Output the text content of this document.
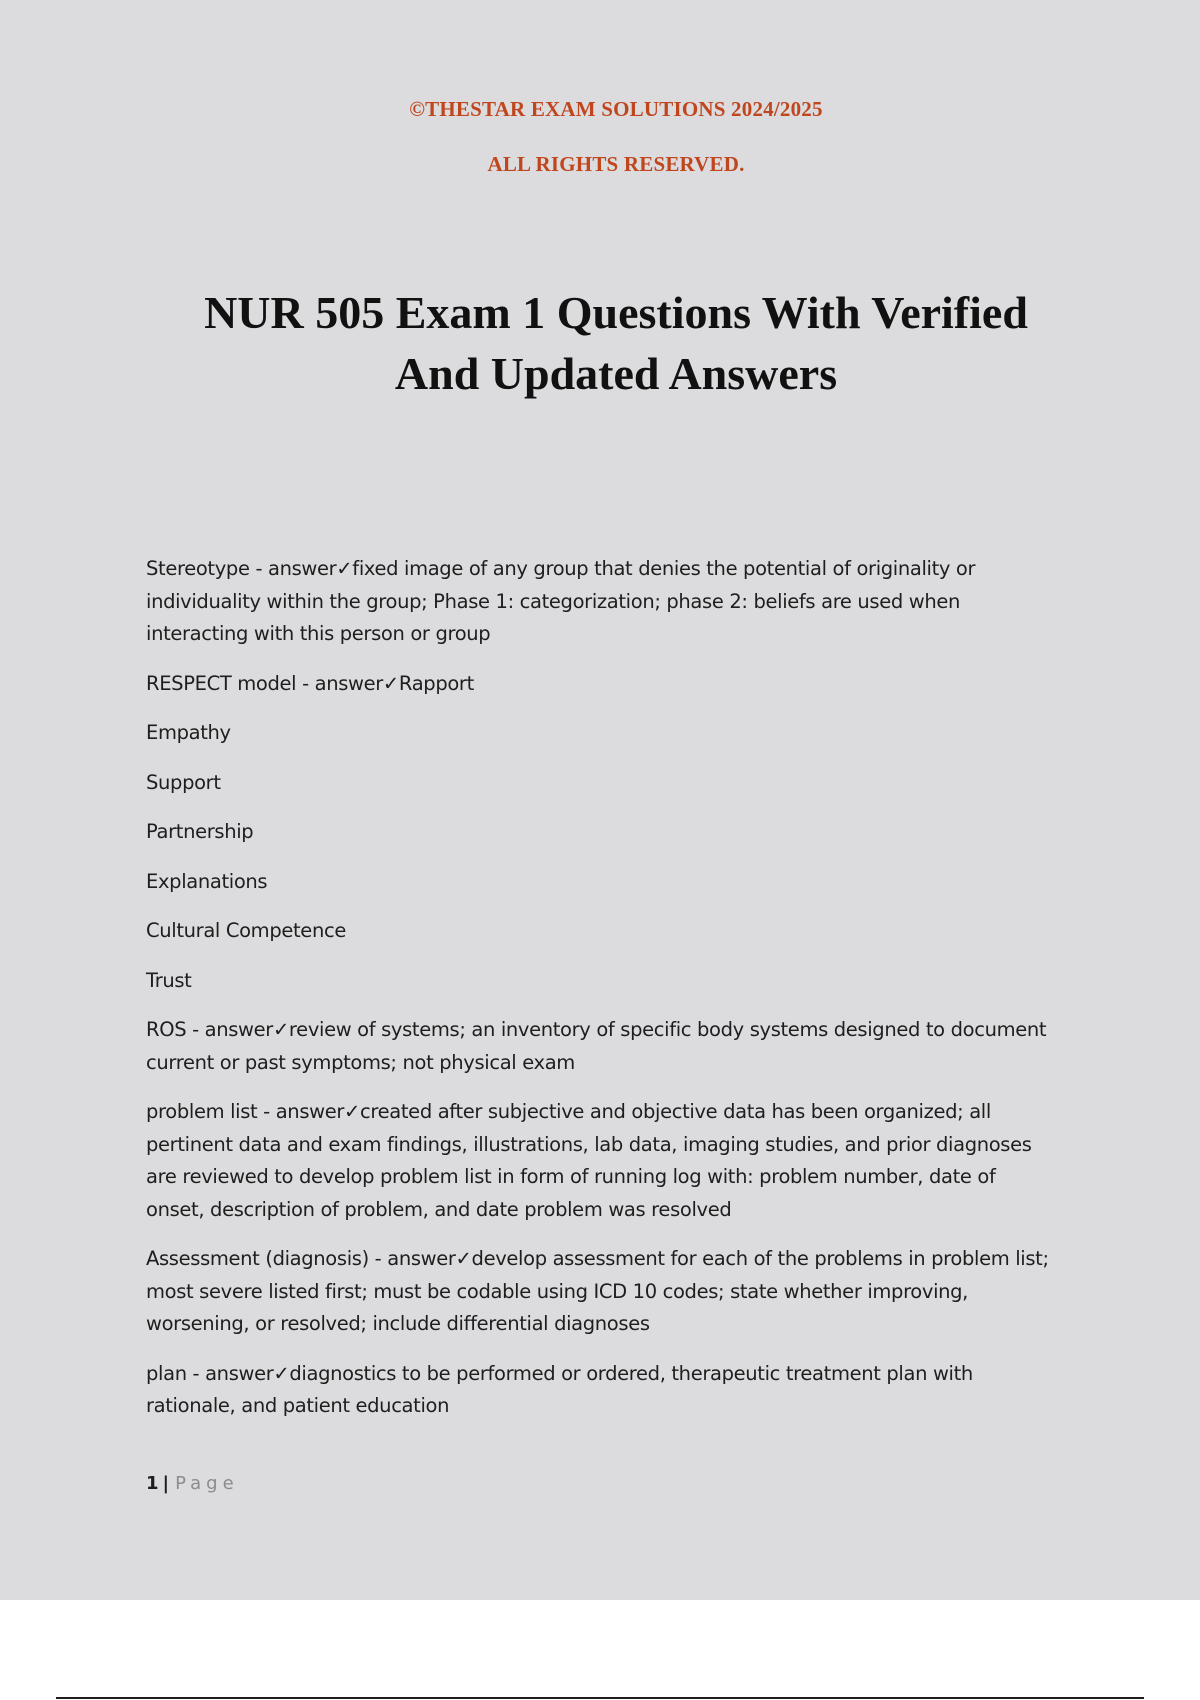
©THESTAR EXAM SOLUTIONS 2024/2025
ALL RIGHTS RESERVED.
NUR 505 Exam 1 Questions With Verified
And Updated Answers
Stereotype - answer✓fixed image of any group that denies the potential of originality or
individuality within the group; Phase 1: categorization; phase 2: beliefs are used when
interacting with this person or group
RESPECT model - answer✓Rapport
Empathy
Support
Partnership
Explanations
Cultural Competence
Trust
ROS - answer✓review of systems; an inventory of specific body systems designed to document
current or past symptoms; not physical exam
problem list - answer✓created after subjective and objective data has been organized; all
pertinent data and exam findings, illustrations, lab data, imaging studies, and prior diagnoses
are reviewed to develop problem list in form of running log with: problem number, date of
onset, description of problem, and date problem was resolved
Assessment (diagnosis) - answer✓develop assessment for each of the problems in problem list;
most severe listed first; must be codable using ICD 10 codes; state whether improving,
worsening, or resolved; include differential diagnoses
plan - answer✓diagnostics to be performed or ordered, therapeutic treatment plan with
rationale, and patient education
1 | Page
